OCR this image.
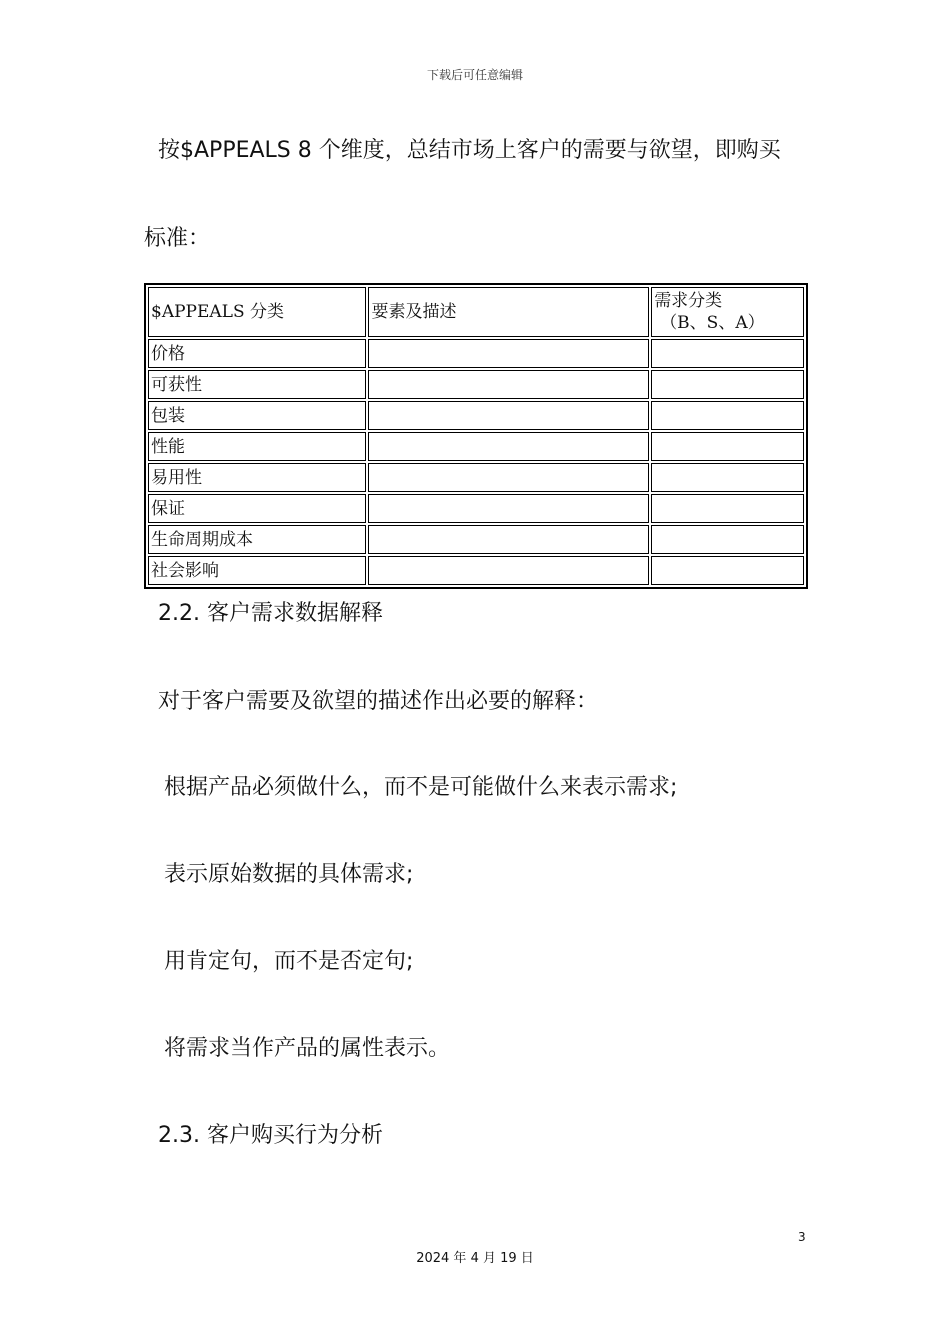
下载后可任意编辑
按$APPEALS 8 个维度，总结市场上客户的需要与欲望，即购买
标准：
$APPEALS 分类	要素及描述	需求分类
（B、S、A）

价格		
可获性		
包装		
性能		
易用性		
保证		
生命周期成本		
社会影响		
2.2. 客户需求数据解释
对于客户需要及欲望的描述作出必要的解释：
根据产品必须做什么，而不是可能做什么来表示需求;
表示原始数据的具体需求;
用肯定句，而不是否定句;
将需求当作产品的属性表示。
2.3. 客户购买行为分析
3
2024 年 4 月 19 日
